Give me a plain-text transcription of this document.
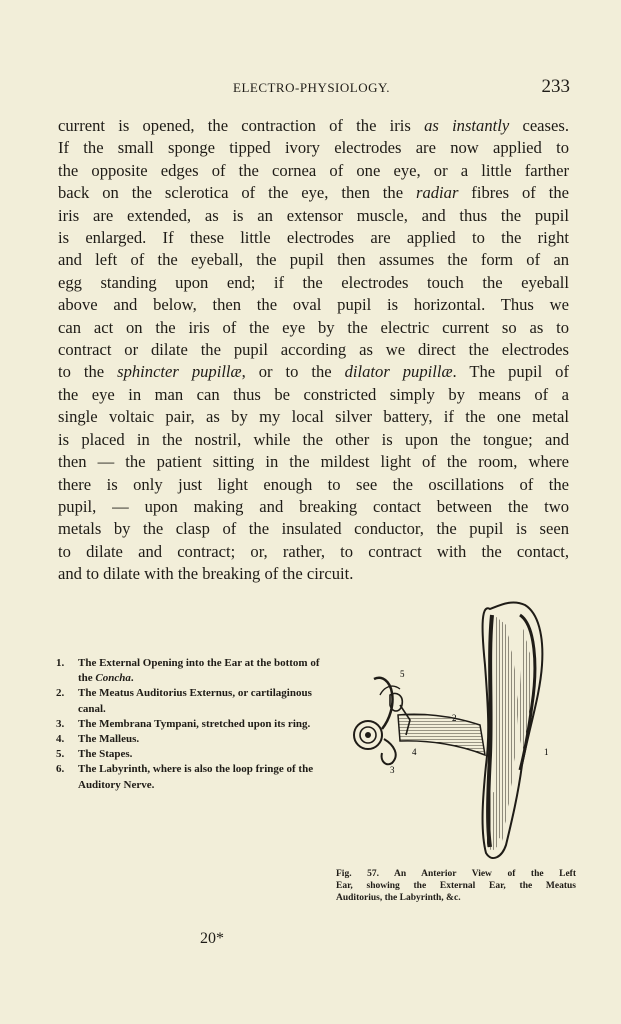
ELECTRO-PHYSIOLOGY.	233

current is opened, the contraction of the iris as instantly ceases.
If the small sponge tipped ivory electrodes are now applied to
the opposite edges of the cornea of one eye, or a little farther
back on the sclerotica of the eye, then the radiar fibres of the
iris are extended, as is an extensor muscle, and thus the pupil
is enlarged. If these little electrodes are applied to the right
and left of the eyeball, the pupil then assumes the form of an
egg standing upon end; if the electrodes touch the eyeball
above and below, then the oval pupil is horizontal. Thus we
can act on the iris of the eye by the electric current so as to
contract or dilate the pupil according as we direct the electrodes
to the sphincter pupillæ, or to the dilator pupillæ. The pupil of
the eye in man can thus be constricted simply by means of a
single voltaic pair, as by my local silver battery, if the one metal
is placed in the nostril, while the other is upon the tongue; and
then — the patient sitting in the mildest light of the room, where
there is only just light enough to see the oscillations of the
pupil, — upon making and breaking contact between the two
metals by the clasp of the insulated conductor, the pupil is seen
to dilate and contract; or, rather, to contract with the contact,
and to dilate with the breaking of the circuit.

1. The External Opening into the Ear at the bottom of the Concha.
2. The Meatus Auditorius Externus, or cartilaginous canal.
3. The Membrana Tympani, stretched upon its ring.
4. The Malleus.
5. The Stapes.
6. The Labyrinth, where is also the loop fringe of the Auditory Nerve.
5
2
3
4	1
Fig. 57. An Anterior View of the Left
Ear, showing the External Ear, the Meatus
Auditorius, the Labyrinth, &c.
20*
